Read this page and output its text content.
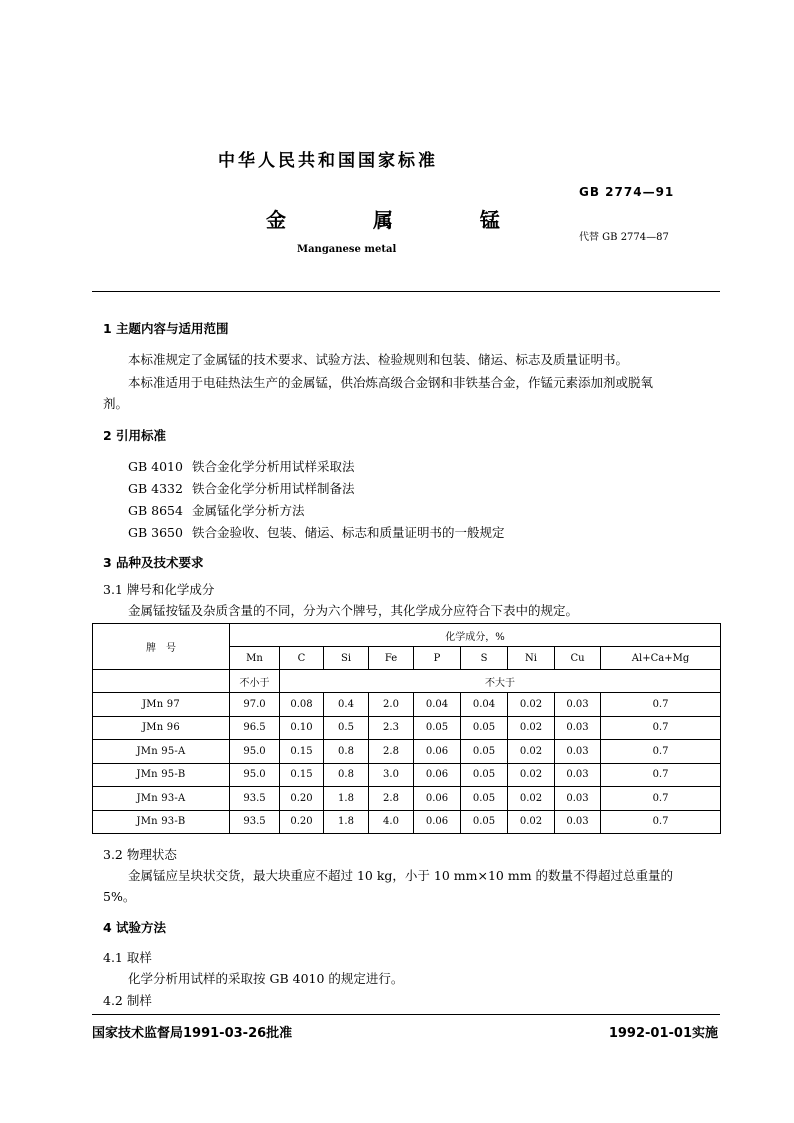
中华人民共和国国家标准
GB 2774—91
金 属 锰
代替 GB 2774—87
Manganese metal
1 主题内容与适用范围
本标准规定了金属锰的技术要求、试验方法、检验规则和包装、储运、标志及质量证明书。
本标准适用于电硅热法生产的金属锰，供冶炼高级合金钢和非铁基合金，作锰元素添加剂或脱氧
剂。
2 引用标准
GB 4010 铁合金化学分析用试样采取法
GB 4332 铁合金化学分析用试样制备法
GB 8654 金属锰化学分析方法
GB 3650 铁合金验收、包装、储运、标志和质量证明书的一般规定
3 品种及技术要求
3.1 牌号和化学成分
金属锰按锰及杂质含量的不同，分为六个牌号，其化学成分应符合下表中的规定。
牌　号	化学成分，%								
	Mn	C	Si	Fe	P	S	Ni	Cu	Al+Ca+Mg
	不小于	不大于							
JMn 97	97.0	0.08	0.4	2.0	0.04	0.04	0.02	0.03	0.7
JMn 96	96.5	0.10	0.5	2.3	0.05	0.05	0.02	0.03	0.7
JMn 95-A	95.0	0.15	0.8	2.8	0.06	0.05	0.02	0.03	0.7
JMn 95-B	95.0	0.15	0.8	3.0	0.06	0.05	0.02	0.03	0.7
JMn 93-A	93.5	0.20	1.8	2.8	0.06	0.05	0.02	0.03	0.7
JMn 93-B	93.5	0.20	1.8	4.0	0.06	0.05	0.02	0.03	0.7
3.2 物理状态
金属锰应呈块状交货，最大块重应不超过 10 kg，小于 10 mm×10 mm 的数量不得超过总重量的
5%。
4 试验方法
4.1 取样
化学分析用试样的采取按 GB 4010 的规定进行。
4.2 制样
国家技术监督局1991-03-26批准	1992-01-01实施
